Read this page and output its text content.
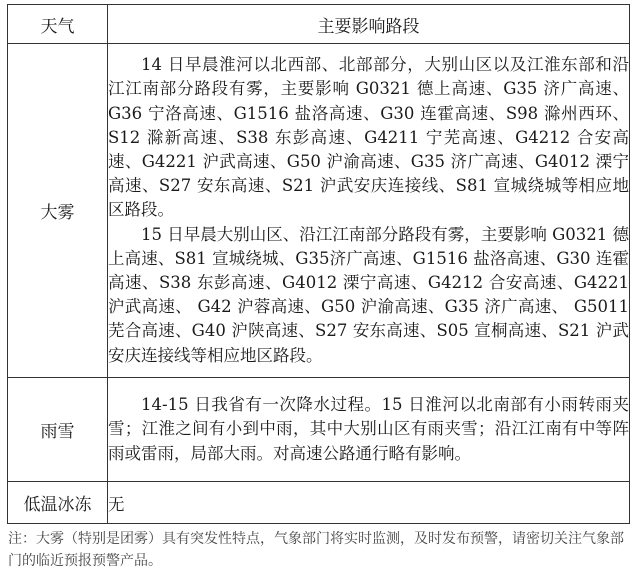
天气	主要影响路段
大雾	14 日早晨淮河以北西部、北部部分，大别山区以及江淮东部和沿江江南部分路段有雾，主要影响 G0321 德上高速、G35 济广高速、G36 宁洛高速、G1516 盐洛高速、G30 连霍高速、S98 滁州西环、S12 滁新高速、S38 东彭高速、G4211 宁芜高速、G4212 合安高速、G4221 沪武高速、G50 沪渝高速、G35 济广高速、G4012 溧宁高速、S27 安东高速、S21 沪武安庆连接线、S81 宣城绕城等相应地区路段。

15 日早晨大别山区、沿江江南部分路段有雾，主要影响 G0321 德上高速、S81 宣城绕城、G35济广高速、G1516 盐洛高速、G30 连霍高速、S38 东彭高速、G4012 溧宁高速、G4212 合安高速、G4221 沪武高速、 G42 沪蓉高速、G50 沪渝高速、G35 济广高速、 G5011 芜合高速、G40 沪陕高速、S27 安东高速、S05 宣桐高速、S21 沪武安庆连接线等相应地区路段。

雨雪	14-15 日我省有一次降水过程。15 日淮河以北南部有小雨转雨夹雪；江淮之间有小到中雨，其中大别山区有雨夹雪；沿江江南有中等阵雨或雷雨，局部大雨。对高速公路通行略有影响。

低温冰冻	无

注：大雾（特别是团雾）具有突发性特点，气象部门将实时监测，及时发布预警，请密切关注气象部门的临近预报预警产品。
